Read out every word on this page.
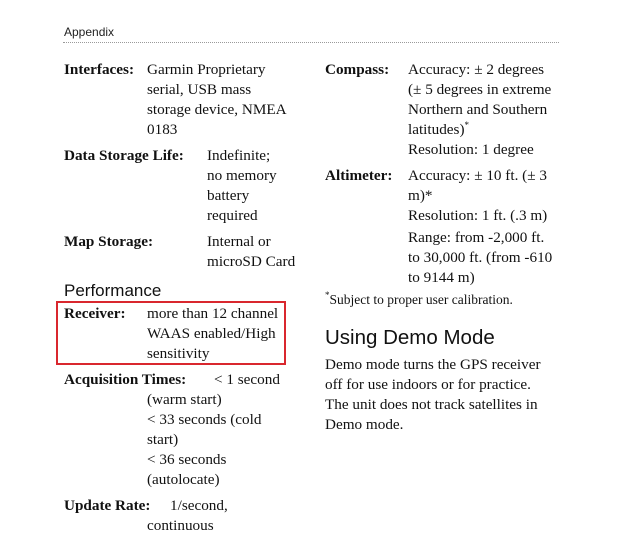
Appendix
Interfaces: Garmin Proprietary
serial, USB mass
storage device, NMEA
0183
Data Storage Life: Indefinite;
no memory
battery
required
Map Storage:	Internal or
microSD Card
Performance
Receiver: more than 12 channel
WAAS enabled/High
sensitivity
Acquisition Times: < 1 second
(warm start)
< 33 seconds (cold
start)
< 36 seconds
(autolocate)
Update Rate: 1/second,
continuous
Compass: Accuracy: ± 2 degrees
(± 5 degrees in extreme
Northern and Southern
latitudes)*
Resolution: 1 degree
Altimeter: Accuracy: ± 10 ft. (± 3
m)*
Resolution: 1 ft. (.3 m)
Range: from -2,000 ft.
to 30,000 ft. (from -610
to 9144 m)
*Subject to proper user calibration.
Using Demo Mode
Demo mode turns the GPS receiver
off for use indoors or for practice.
The unit does not track satellites in
Demo mode.
